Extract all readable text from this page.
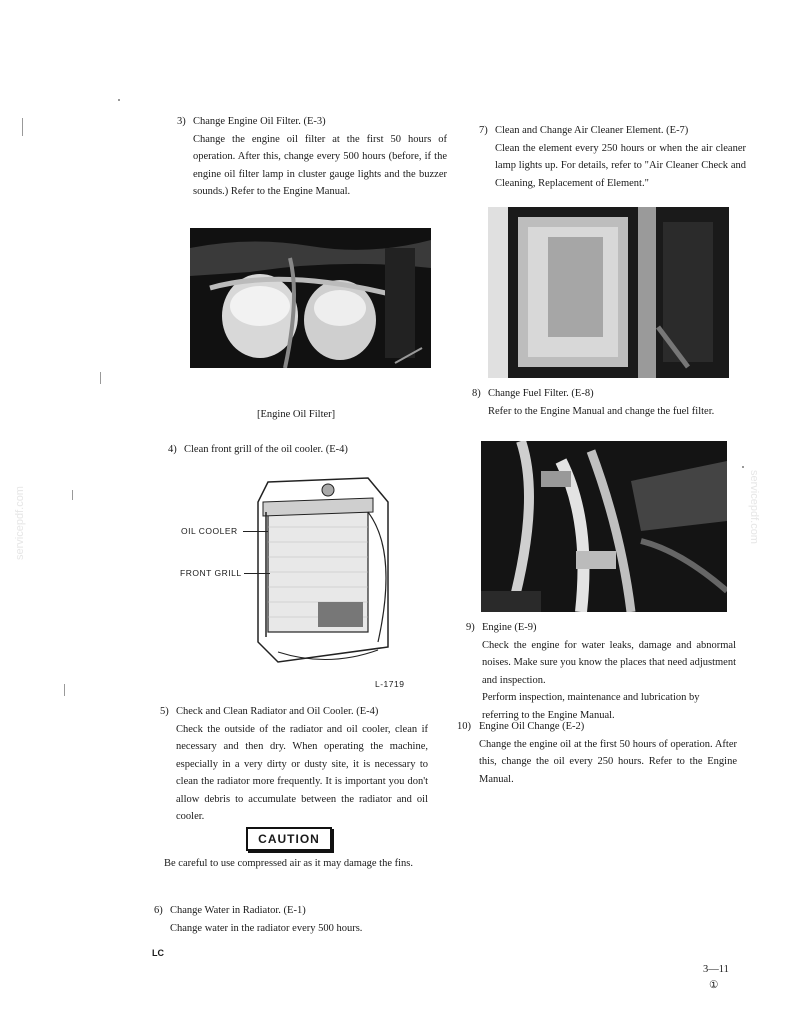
3) Change Engine Oil Filter. (E-3)

Change the engine oil filter at the first 50 hours of operation. After this, change every 500 hours (before, if the engine oil filter lamp in cluster gauge lights and the buzzer sounds.) Refer to the Engine Manual.

[Engine Oil Filter]
4) Clean front grill of the oil cooler. (E-4)
OIL COOLER
FRONT GRILL
L-1719
5) Check and Clean Radiator and Oil Cooler. (E-4)

Check the outside of the radiator and oil cooler, clean if necessary and then dry. When operating the machine, especially in a very dirty or dusty site, it is necessary to clean the radiator more frequently. It is important you don't allow debris to accumulate between the radiator and oil cooler.

CAUTION

Be careful to use compressed air as it may damage the fins.

6) Change Water in Radiator. (E-1)

Change water in the radiator every 500 hours.

7) Clean and Change Air Cleaner Element. (E-7)

Clean the element every 250 hours or when the air cleaner lamp lights up. For details, refer to "Air Cleaner Check and Cleaning, Replacement of Element."

8) Change Fuel Filter. (E-8)

Refer to the Engine Manual and change the fuel filter.

9) Engine (E-9)

Check the engine for water leaks, damage and abnormal noises. Make sure you know the places that need adjustment and inspection.

Perform inspection, maintenance and lubrication by referring to the Engine Manual.

10) Engine Oil Change (E-2)

Change the engine oil at the first 50 hours of operation. After this, change the oil every 250 hours. Refer to the Engine Manual.

LC
3—11
①
servicepdf.com	servicepdf.com
